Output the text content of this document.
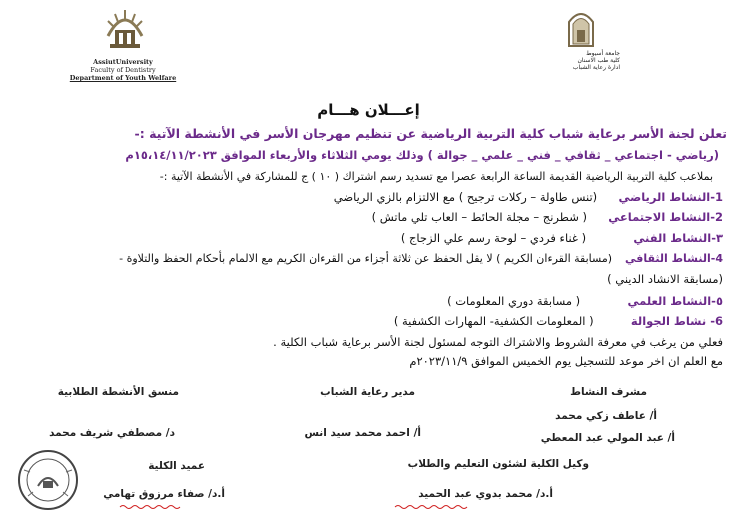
AssiutUniversity
Faculty of Dentistry
Department of Youth Welfare
جامعة أسيوط
كلية طب الاسنان
ادارة رعاية الشباب
إعـــلان هـــام
تعلن لجنة الأسر برعاية شباب كلية التربية الرياضية عن تنظيم مهرجان الأسر في الأنشطة الآتية :-
(رياضي - اجتماعي _ ثقافي _ فني _ علمي _ جوالة ) وذلك يومي الثلاثاء والأربعاء الموافق ١٥،١٤/١١/٢٠٢٣م
بملاعب كلية التربية الرياضية القديمة الساعة الرابعة عصرا مع تسديد رسم اشتراك ( ١٠ ) ج للمشاركة في الأنشطة الآتية :-
1-النشاط الرياضي  (تنس طاولة – ركلات ترجيح ) مع الالتزام بالزي الرياضي
2-النشاط الاجتماعي  ( شطرنج – مجلة الحائط – العاب تلي ماتش )
٣-النشاط الفني  ( غناء فردي – لوحة رسم علي الزجاج )
4-النشاط الثقافي  (مسابقة القرءان الكريم ) لا يقل الحفظ عن ثلاثة أجزاء من القرءان الكريم مع الالمام بأحكام الحفظ والتلاوة -
(مسابقة الانشاد الديني )
٥-النشاط العلمي  ( مسابقة دوري المعلومات )
6- نشاط الجوالة  ( المعلومات الكشفية- المهارات الكشفية )
فعلي من يرغب في معرفة الشروط والاشتراك التوجه لمسئول لجنة الأسر برعاية شباب الكلية .
مع العلم ان اخر موعد للتسجيل يوم الخميس الموافق ٢٠٢٣/١١/٩م
مشرف النشاط
أ/ عاطف زكي محمد
أ/ عبد المولي عبد المعطي
مدير رعاية الشباب
أ/ احمد محمد سيد انس
منسق الأنشطة الطلابية
د/ مصطفي شريف محمد
وكيل الكلية لشئون التعليم والطلاب
أ.د/ محمد بدوي عبد الحميد
عميد الكلية
أ.د/ صفاء مرزوق تهامي
